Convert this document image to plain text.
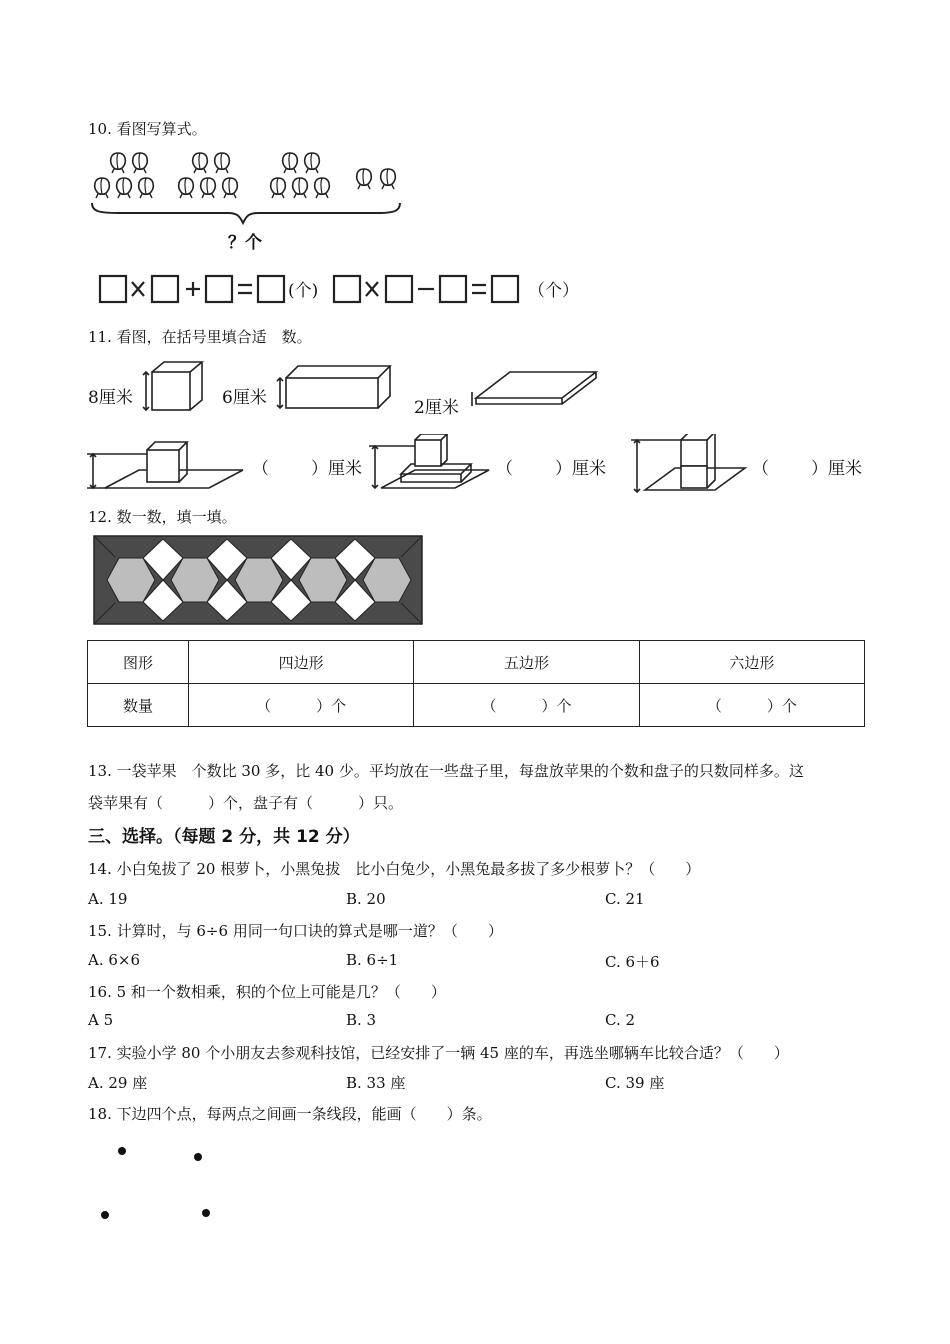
10. 看图写算式。
？个
(个)	（个）
11. 看图，在括号里填合适　数。
8厘米	6厘米	2厘米
（ ）厘米	（ ）厘米	（ ）厘米
12. 数一数，填一填。
图形	四边形	五边形	六边形
数量	（　　　）个	（　　　）个	（　　　）个
13. 一袋苹果　个数比 30 多，比 40 少。平均放在一些盘子里，每盘放苹果的个数和盘子的只数同样多。这
袋苹果有（　　　）个，盘子有（　　　）只。
三、选择。（每题 2 分，共 12 分）
14. 小白兔拔了 20 根萝卜，小黑兔拔　比小白兔少，小黑兔最多拔了多少根萝卜？（　　）
A. 19	B. 20	C. 21
15. 计算时，与 6÷6 用同一句口诀的算式是哪一道？（　　）
A. 6×6	B. 6÷1	C. 6＋6
16. 5 和一个数相乘，积的个位上可能是几？（　　）
A 5	B. 3	C. 2
17. 实验小学 80 个小朋友去参观科技馆，已经安排了一辆 45 座的车，再选坐哪辆车比较合适？（　　）
A. 29 座	B. 33 座	C. 39 座
18. 下边四个点，每两点之间画一条线段，能画（　　）条。
